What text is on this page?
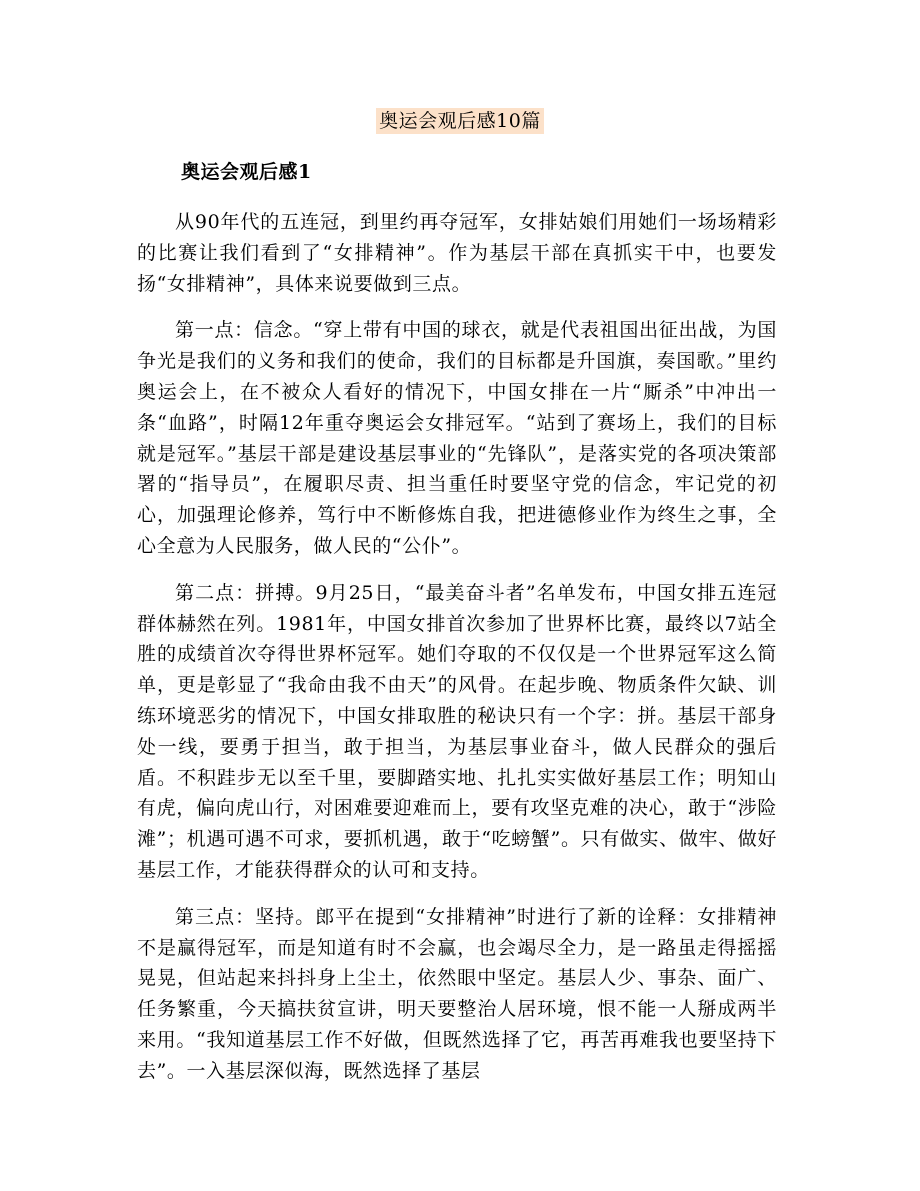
奥运会观后感10篇
奥运会观后感1

从90年代的五连冠，到里约再夺冠军，女排姑娘们用她们一场场精彩的比赛让我们看到了“女排精神”。作为基层干部在真抓实干中，也要发扬“女排精神”，具体来说要做到三点。

第一点：信念。“穿上带有中国的球衣，就是代表祖国出征出战，为国争光是我们的义务和我们的使命，我们的目标都是升国旗，奏国歌。”里约奥运会上，在不被众人看好的情况下，中国女排在一片“厮杀”中冲出一条“血路”，时隔12年重夺奥运会女排冠军。“站到了赛场上，我们的目标就是冠军。”基层干部是建设基层事业的“先锋队”，是落实党的各项决策部署的“指导员”，在履职尽责、担当重任时要坚守党的信念，牢记党的初心，加强理论修养，笃行中不断修炼自我，把进德修业作为终生之事，全心全意为人民服务，做人民的“公仆”。

第二点：拼搏。9月25日，“最美奋斗者”名单发布，中国女排五连冠群体赫然在列。1981年，中国女排首次参加了世界杯比赛，最终以7站全胜的成绩首次夺得世界杯冠军。她们夺取的不仅仅是一个世界冠军这么简单，更是彰显了“我命由我不由天”的风骨。在起步晚、物质条件欠缺、训练环境恶劣的情况下，中国女排取胜的秘诀只有一个字：拼。基层干部身处一线，要勇于担当，敢于担当，为基层事业奋斗，做人民群众的强后盾。不积跬步无以至千里，要脚踏实地、扎扎实实做好基层工作；明知山有虎，偏向虎山行，对困难要迎难而上，要有攻坚克难的决心，敢于“涉险滩”；机遇可遇不可求，要抓机遇，敢于“吃螃蟹”。只有做实、做牢、做好基层工作，才能获得群众的认可和支持。

第三点：坚持。郎平在提到“女排精神”时进行了新的诠释：女排精神不是赢得冠军，而是知道有时不会赢，也会竭尽全力，是一路虽走得摇摇晃晃，但站起来抖抖身上尘土，依然眼中坚定。基层人少、事杂、面广、任务繁重，今天搞扶贫宣讲，明天要整治人居环境，恨不能一人掰成两半来用。“我知道基层工作不好做，但既然选择了它，再苦再难我也要坚持下去”。一入基层深似海，既然选择了基层
